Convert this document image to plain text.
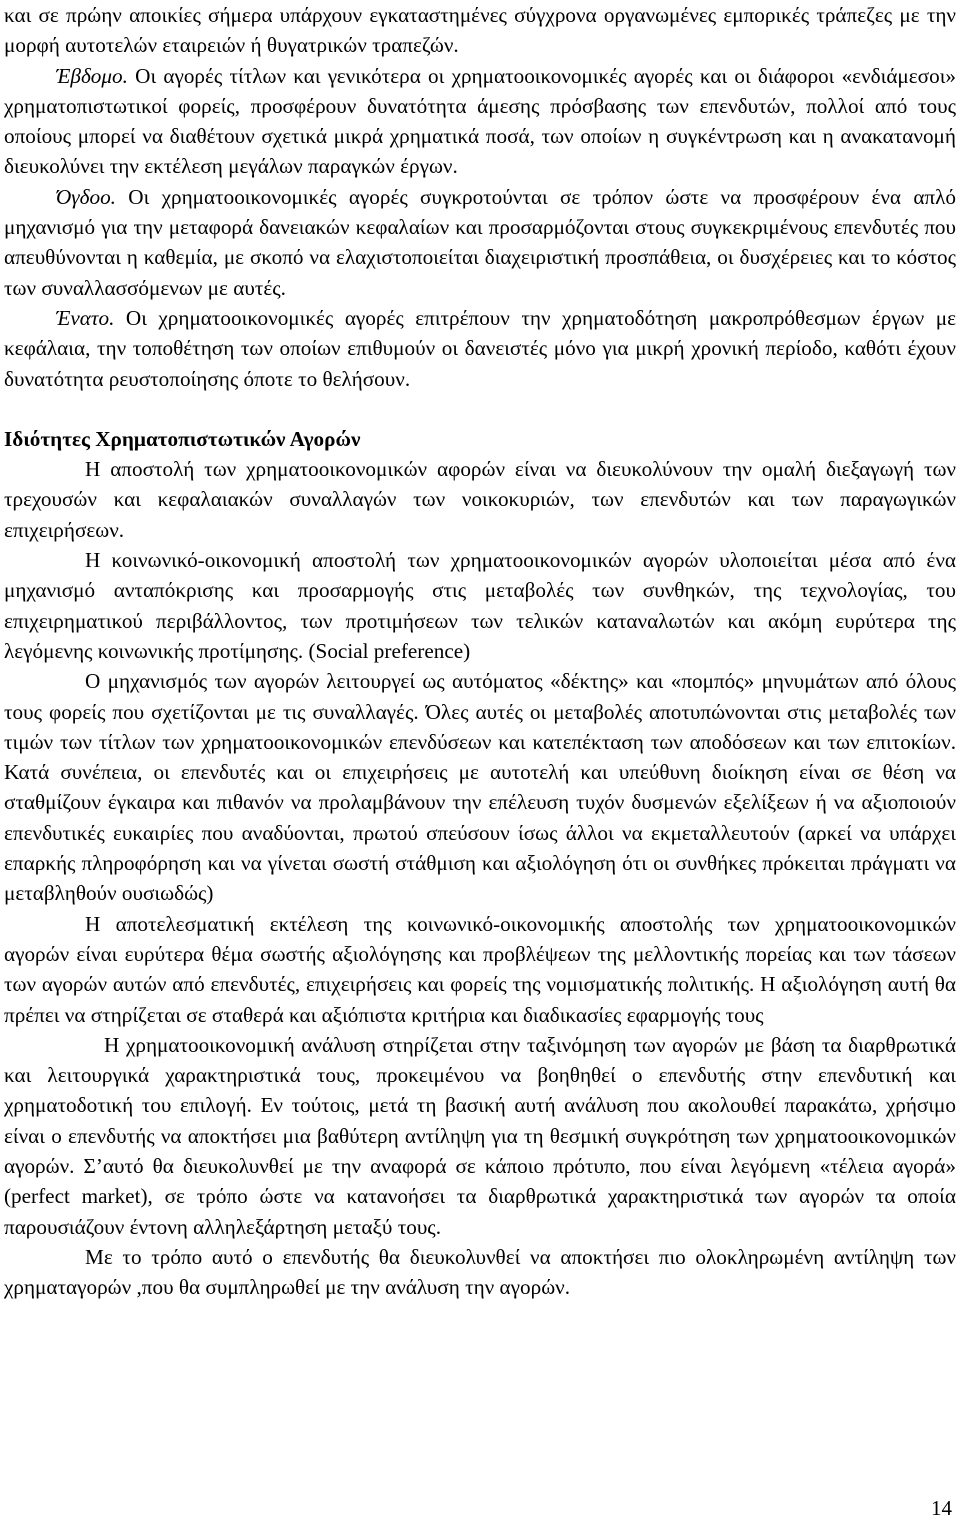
και σε πρώην αποικίες σήμερα υπάρχουν εγκαταστημένες σύγχρονα οργανωμένες εμπορικές τράπεζες με την μορφή αυτοτελών εταιρειών ή θυγατρικών τραπεζών.

Έβδομο. Οι αγορές τίτλων και γενικότερα οι χρηματοοικονομικές αγορές και οι διάφοροι «ενδιάμεσοι» χρηματοπιστωτικοί φορείς, προσφέρουν δυνατότητα άμεσης πρόσβασης των επενδυτών, πολλοί από τους οποίους μπορεί να διαθέτουν σχετικά μικρά χρηματικά ποσά, των οποίων η συγκέντρωση και η ανακατανομή διευκολύνει την εκτέλεση μεγάλων παραγκών έργων.

Όγδοο. Οι χρηματοοικονομικές αγορές συγκροτούνται σε τρόπον ώστε να προσφέρουν ένα απλό μηχανισμό για την μεταφορά δανειακών κεφαλαίων και προσαρμόζονται στους συγκεκριμένους επενδυτές που απευθύνονται η καθεμία, με σκοπό να ελαχιστοποιείται διαχειριστική προσπάθεια, οι δυσχέρειες και το κόστος των συναλλασσόμενων με αυτές.

Ένατο. Οι χρηματοοικονομικές αγορές επιτρέπουν την χρηματοδότηση μακροπρόθεσμων έργων με κεφάλαια, την τοποθέτηση των οποίων επιθυμούν οι δανειστές μόνο για μικρή χρονική περίοδο, καθότι έχουν δυνατότητα ρευστοποίησης όποτε το θελήσουν.

Ιδιότητες Χρηματοπιστωτικών Αγορών

Η αποστολή των χρηματοοικονομικών αφορών είναι να διευκολύνουν την ομαλή διεξαγωγή των τρεχουσών και κεφαλαιακών συναλλαγών των νοικοκυριών, των επενδυτών και των παραγωγικών επιχειρήσεων.

Η κοινωνικό-οικονομική αποστολή των χρηματοοικονομικών αγορών υλοποιείται μέσα από ένα μηχανισμό ανταπόκρισης και προσαρμογής στις μεταβολές των συνθηκών, της τεχνολογίας, του επιχειρηματικού περιβάλλοντος, των προτιμήσεων των τελικών καταναλωτών και ακόμη ευρύτερα της λεγόμενης κοινωνικής προτίμησης. (Social preference)

Ο μηχανισμός των αγορών λειτουργεί ως αυτόματος «δέκτης» και «πομπός» μηνυμάτων από όλους τους φορείς που σχετίζονται με τις συναλλαγές. Όλες αυτές οι μεταβολές αποτυπώνονται στις μεταβολές των τιμών των τίτλων των χρηματοοικονομικών επενδύσεων και κατεπέκταση των αποδόσεων και των επιτοκίων. Κατά συνέπεια, οι επενδυτές και οι επιχειρήσεις με αυτοτελή και υπεύθυνη διοίκηση είναι σε θέση να σταθμίζουν έγκαιρα και πιθανόν να προλαμβάνουν την επέλευση τυχόν δυσμενών εξελίξεων ή να αξιοποιούν επενδυτικές ευκαιρίες που αναδύονται, πρωτού σπεύσουν ίσως άλλοι να εκμεταλλευτούν (αρκεί να υπάρχει επαρκής πληροφόρηση και να γίνεται σωστή στάθμιση και αξιολόγηση ότι οι συνθήκες πρόκειται πράγματι να μεταβληθούν ουσιωδώς)

Η αποτελεσματική εκτέλεση της κοινωνικό-οικονομικής αποστολής των χρηματοοικονομικών αγορών είναι ευρύτερα θέμα σωστής αξιολόγησης και προβλέψεων της μελλοντικής πορείας και των τάσεων των αγορών αυτών από επενδυτές, επιχειρήσεις και φορείς της νομισματικής πολιτικής. Η αξιολόγηση αυτή θα πρέπει να στηρίζεται σε σταθερά και αξιόπιστα κριτήρια και διαδικασίες εφαρμογής τους

Η χρηματοοικονομική ανάλυση στηρίζεται στην ταξινόμηση των αγορών με βάση τα διαρθρωτικά και λειτουργικά χαρακτηριστικά τους, προκειμένου να βοηθηθεί ο επενδυτής στην επενδυτική και χρηματοδοτική του επιλογή. Εν τούτοις, μετά τη βασική αυτή ανάλυση που ακολουθεί παρακάτω, χρήσιμο είναι ο επενδυτής να αποκτήσει μια βαθύτερη αντίληψη για τη θεσμική συγκρότηση των χρηματοοικονομικών αγορών. Σ’αυτό θα διευκολυνθεί με την αναφορά σε κάποιο πρότυπο, που είναι λεγόμενη «τέλεια αγορά» (perfect market), σε τρόπο ώστε να κατανοήσει τα διαρθρωτικά χαρακτηριστικά των αγορών τα οποία παρουσιάζουν έντονη αλληλεξάρτηση μεταξύ τους.

Με το τρόπο αυτό ο επενδυτής θα διευκολυνθεί να αποκτήσει πιο ολοκληρωμένη αντίληψη των χρηματαγορών ,που θα συμπληρωθεί με την ανάλυση την αγορών.

14
